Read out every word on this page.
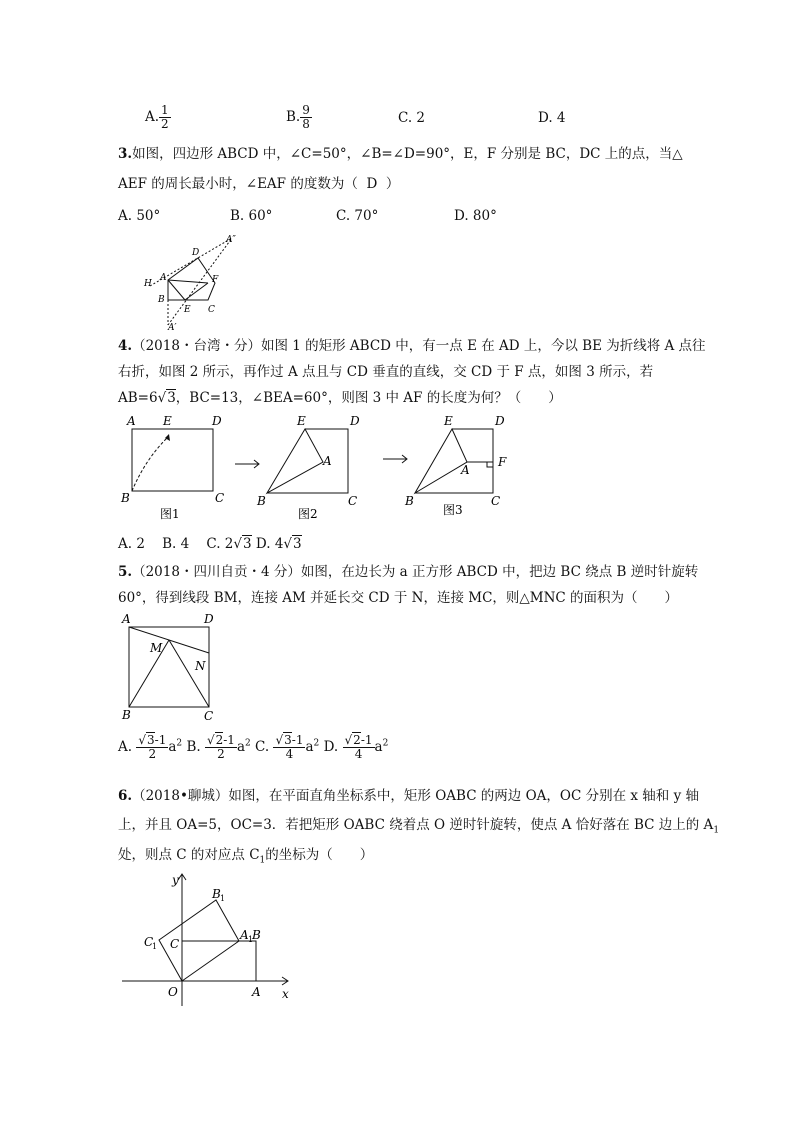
A. $\frac{1}{2}$	B. $\frac{9}{8}$	C. 2	D. 4
3.如图，四边形 ABCD 中，∠C=50°，∠B=∠D=90°，E，F 分别是 BC，DC 上的点，当△
AEF 的周长最小时，∠EAF 的度数为（ D ）
A. 50°	B. 60°	C. 70°	D. 80°
A″
D
H
A	F
B
E C
A′
4.（2018・台湾・分）如图 1 的矩形 ABCD 中，有一点 E 在 AD 上，今以 BE 为折线将 A 点往
右折，如图 2 所示，再作过 A 点且与 CD 垂直的直线，交 CD 于 F 点，如图 3 所示，若
AB=6√3，BC=13，∠BEA=60°，则图 3 中 AF 的长度为何？（　　）
A E	D
B	C
图1
E	D
A
B	C
图2
E	D
A
F
B	C
图3
A. 2 B. 4 C. 2√3 D. 4√3
5.（2018・四川自贡・4 分）如图，在边长为 a 正方形 ABCD 中，把边 BC 绕点 B 逆时针旋转
60°，得到线段 BM，连接 AM 并延长交 CD 于 N，连接 MC，则△MNC 的面积为（　　）
A	D
M
N
B	C
A. $\frac{√3-1}{2} a^2$ B. $\frac{√2-1}{2} a^2$ C. $\frac{√3-1}{4} a^2$ D. $\frac{√2-1}{4} a^2$
6.（2018•聊城）如图，在平面直角坐标系中，矩形 OABC 的两边 OA，OC 分别在 x 轴和 y 轴
上，并且 OA=5，OC=3．若把矩形 OABC 绕着点 O 逆时针旋转，使点 A 恰好落在 BC 边上的 $A_1$
处，则点 C 的对应点 $C_1$的坐标为（　　）
y
x
O	A
C
B
A 1
B 1
C
1
